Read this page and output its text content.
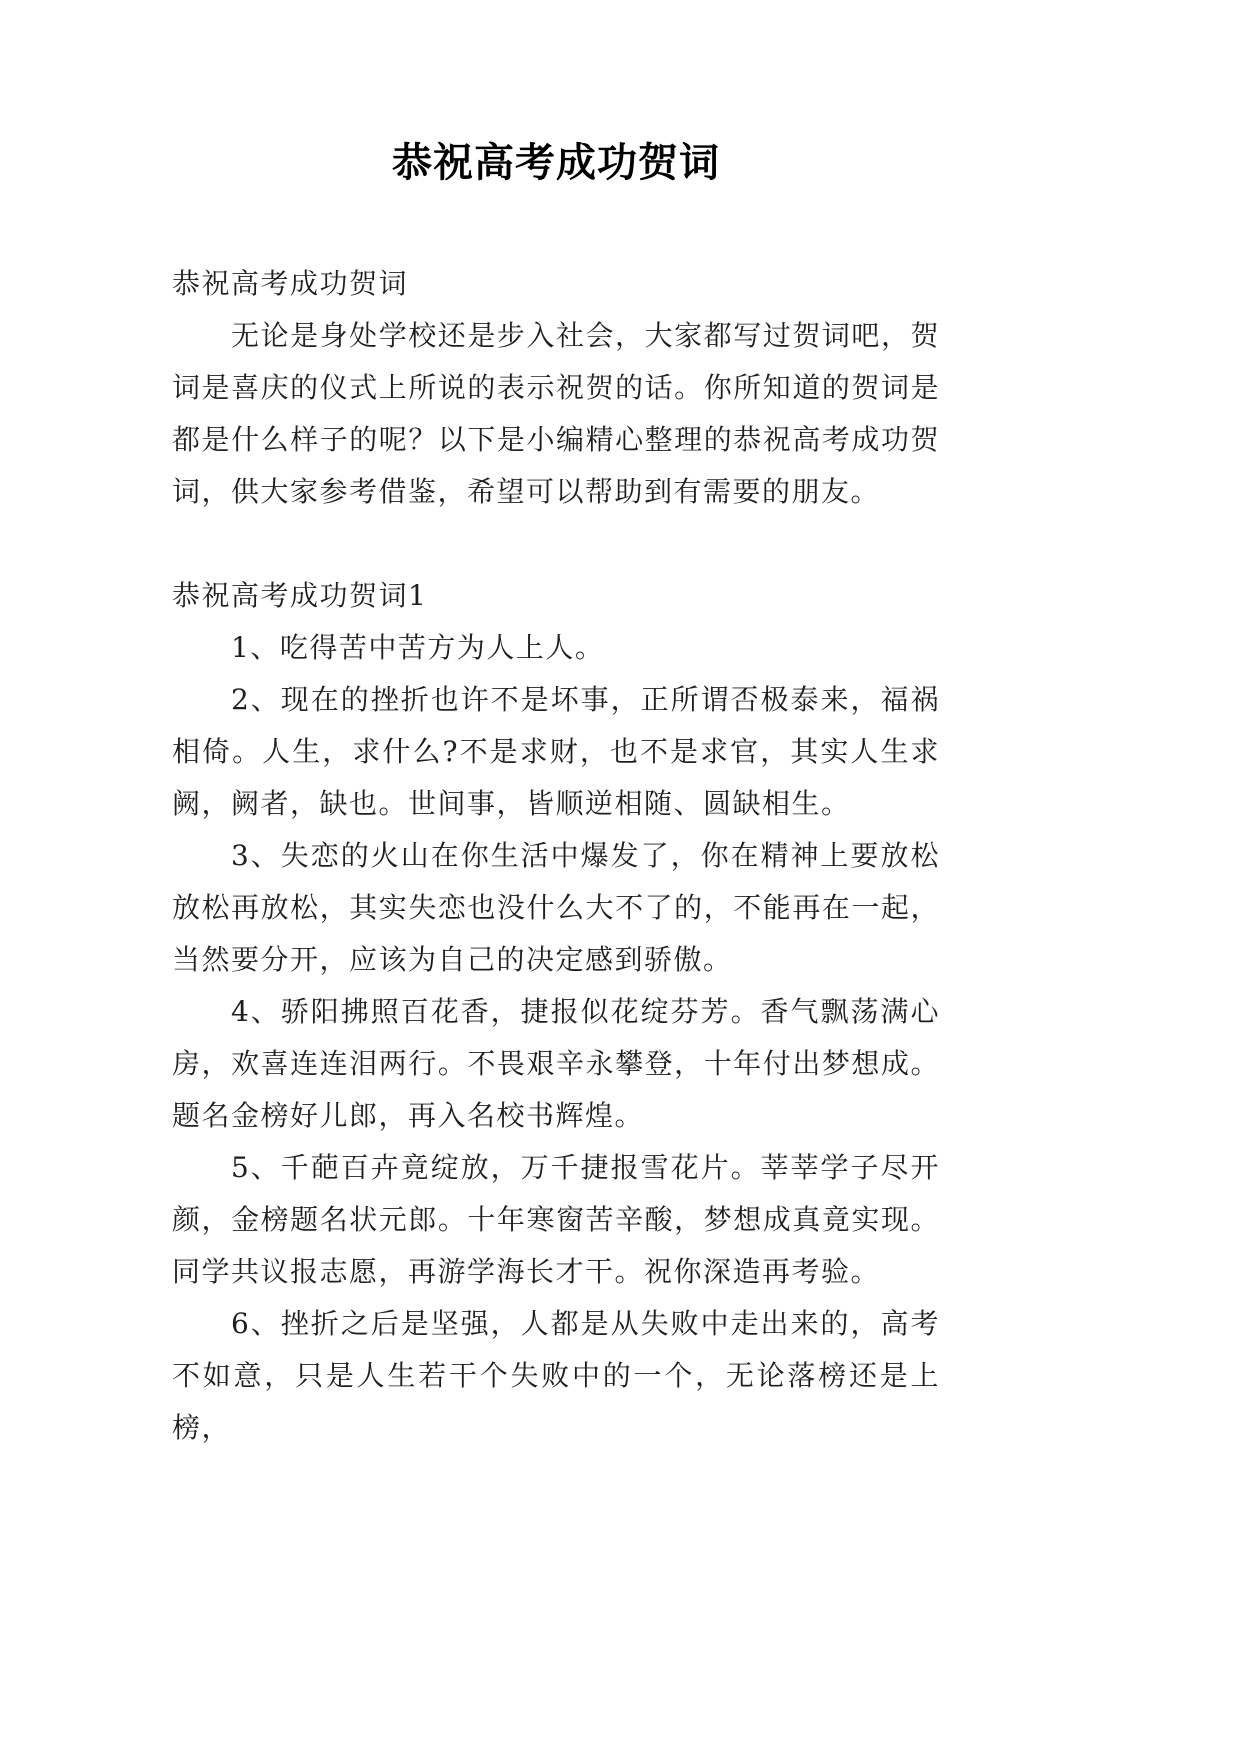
恭祝高考成功贺词

恭祝高考成功贺词

无论是身处学校还是步入社会，大家都写过贺词吧，贺词是喜庆的仪式上所说的表示祝贺的话。你所知道的贺词是都是什么样子的呢？以下是小编精心整理的恭祝高考成功贺词，供大家参考借鉴，希望可以帮助到有需要的朋友。

恭祝高考成功贺词1

1、吃得苦中苦方为人上人。

2、现在的挫折也许不是坏事，正所谓否极泰来，福祸相倚。人生，求什么?不是求财，也不是求官，其实人生求阙，阙者，缺也。世间事，皆顺逆相随、圆缺相生。

3、失恋的火山在你生活中爆发了，你在精神上要放松放松再放松，其实失恋也没什么大不了的，不能再在一起，当然要分开，应该为自己的决定感到骄傲。

4、骄阳拂照百花香，捷报似花绽芬芳。香气飘荡满心房，欢喜连连泪两行。不畏艰辛永攀登，十年付出梦想成。题名金榜好儿郎，再入名校书辉煌。

5、千葩百卉竟绽放，万千捷报雪花片。莘莘学子尽开颜，金榜题名状元郎。十年寒窗苦辛酸，梦想成真竟实现。同学共议报志愿，再游学海长才干。祝你深造再考验。

6、挫折之后是坚强，人都是从失败中走出来的，高考不如意，只是人生若干个失败中的一个，无论落榜还是上榜，
